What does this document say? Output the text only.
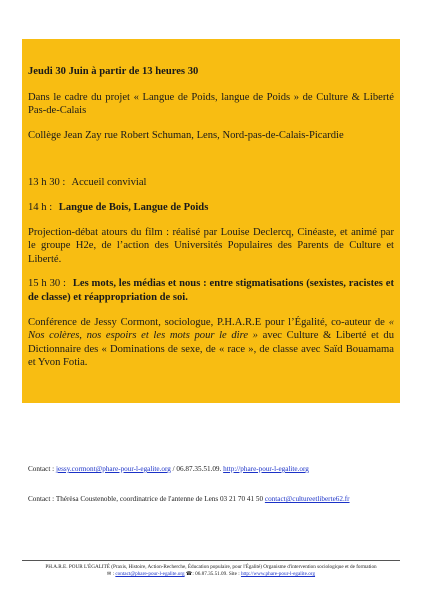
Jeudi 30 Juin à partir de 13 heures 30

Dans le cadre du projet « Langue de Poids, langue de Poids » de Culture & Liberté Pas-de-Calais

Collège Jean Zay rue Robert Schuman, Lens, Nord-pas-de-Calais-Picardie

13 h 30 : Accueil convivial

14 h : Langue de Bois, Langue de Poids

Projection-débat atours du film : réalisé par Louise Declercq, Cinéaste, et animé par le groupe H2e, de l’action des Universités Populaires des Parents de Culture et Liberté.

15 h 30 : Les mots, les médias et nous : entre stigmatisations (sexistes, racistes et de classe) et réappropriation de soi.

Conférence de Jessy Cormont, sociologue, P.H.A.R.E pour l’Égalité, co-auteur de « Nos colères, nos espoirs et les mots pour le dire » avec Culture & Liberté et du Dictionnaire des « Dominations de sexe, de « race », de classe avec Saïd Bouamama et Yvon Fotia.

Contact : jessy.cormont@phare-pour-l-egalite.org / 06.87.35.51.09. http://phare-pour-l-egalite.org
Contact : Thérèsa Coustenoble, coordinatrice de l'antenne de Lens 03 21 70 41 50 contact@cultureetliberte62.fr
PH.A.R.E. POUR L'ÉGALITÉ (Praxis, Histoire, Action-Recherche, Éducation populaire, pour l'Égalité) Organisme d'intervention sociologique et de formation
✉ : contact@phare-pour-l-egalite.org ☎: 06.87.35.51.09. Site : http://www.phare-pour-l-egalite.org
